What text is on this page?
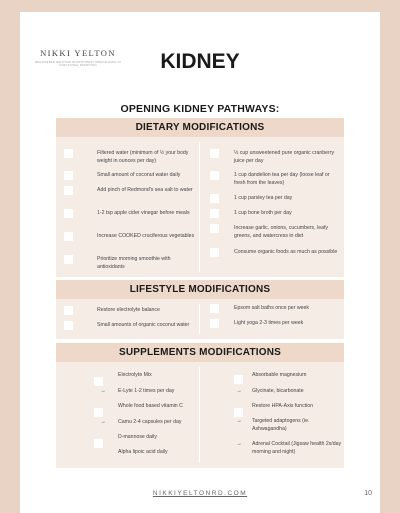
NIKKI YELTON
REGISTERED DIETITIAN NUTRITIONIST SPECIALIZING IN FUNCTIONAL NUTRITION	KIDNEY
OPENING KIDNEY PATHWAYS:
DIETARY MODIFICATIONS
Filtered water (minimum of ½ your body weight in ounces per day)
Small amount of coconut water daily
Add pinch of Redmond's sea salt to water
1-2 tsp apple cider vinegar before meals
Increase COOKED cruciferous vegetables
Prioritize morning smoothie with antioxidants
½ cup unsweetened pure organic cranberry juice per day
1 cup dandelion tea per day (loose leaf or fresh from the leaves)
1 cup parsley tea per day
1 cup bone broth per day
Increase garlic, onions, cucumbers, leafy greens, and watercress in diet
Consume organic foods as much as possible
LIFESTYLE MODIFICATIONS
Restore electrolyte balance
Small amounts of organic coconut water
Epsom salt baths once per week
Light yoga 2-3 times per week
SUPPLEMENTS MODIFICATIONS
Electrolyte Mix
→	E-Lyte 1-2 times per day
Whole food based vitamin C
→	Camu 2-4 capsules per day
D-mannose daily
Alpha lipoic acid daily
Absorbable magnesium
→	Glycinate, bicarbonate
Restore HPA-Axis function
→	Targeted adaptogens (ie. Ashwagandha)
→	Adrenal Cocktail (Jigsaw health 2x/day morning and night)
NIKKIYELTONRD.COM	10
